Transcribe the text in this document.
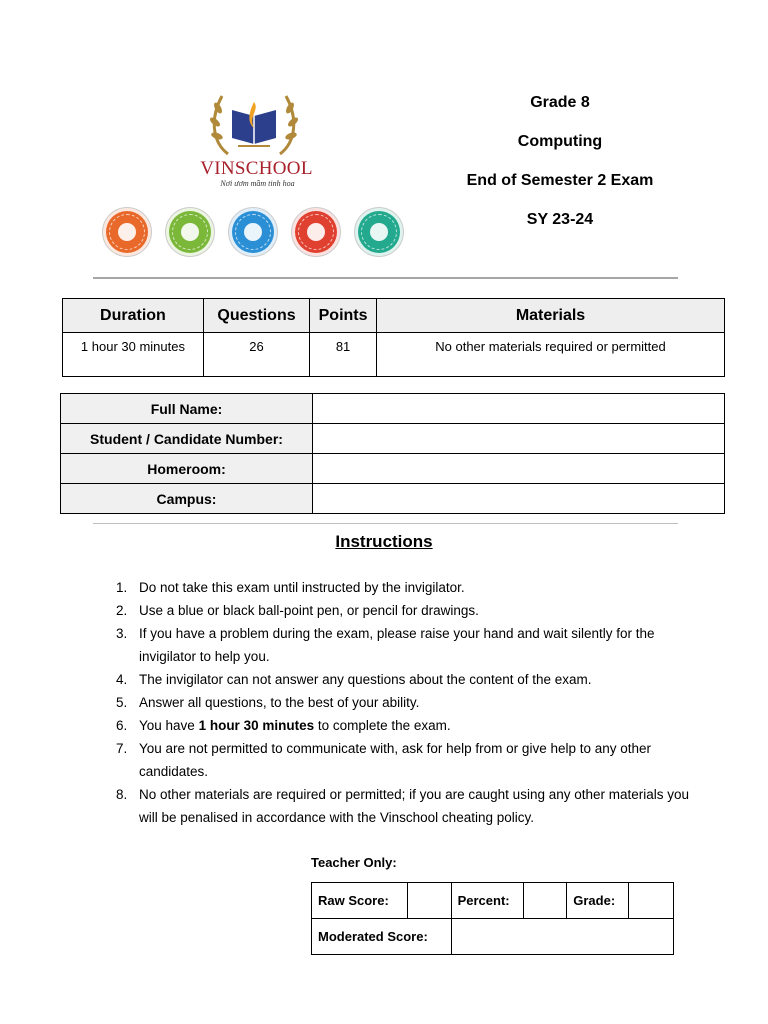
VINSCHOOL
Nơi ươm mầm tinh hoa
Grade 8
Computing
End of Semester 2 Exam
SY 23-24
Duration	Questions	Points	Materials
1 hour 30 minutes	26	81	No other materials required or permitted
Full Name:	
Student / Candidate Number:	
Homeroom:	
Campus:	
Instructions
1. Do not take this exam until instructed by the invigilator.
2. Use a blue or black ball-point pen, or pencil for drawings.
3. If you have a problem during the exam, please raise your hand and wait silently for the invigilator to help you.
4. The invigilator can not answer any questions about the content of the exam.
5. Answer all questions, to the best of your ability.
6. You have 1 hour 30 minutes to complete the exam.
7. You are not permitted to communicate with, ask for help from or give help to any other candidates.
8. No other materials are required or permitted; if you are caught using any other materials you will be penalised in accordance with the Vinschool cheating policy.
Teacher Only:
Raw Score:		Percent:		Grade:	
Moderated Score:					
